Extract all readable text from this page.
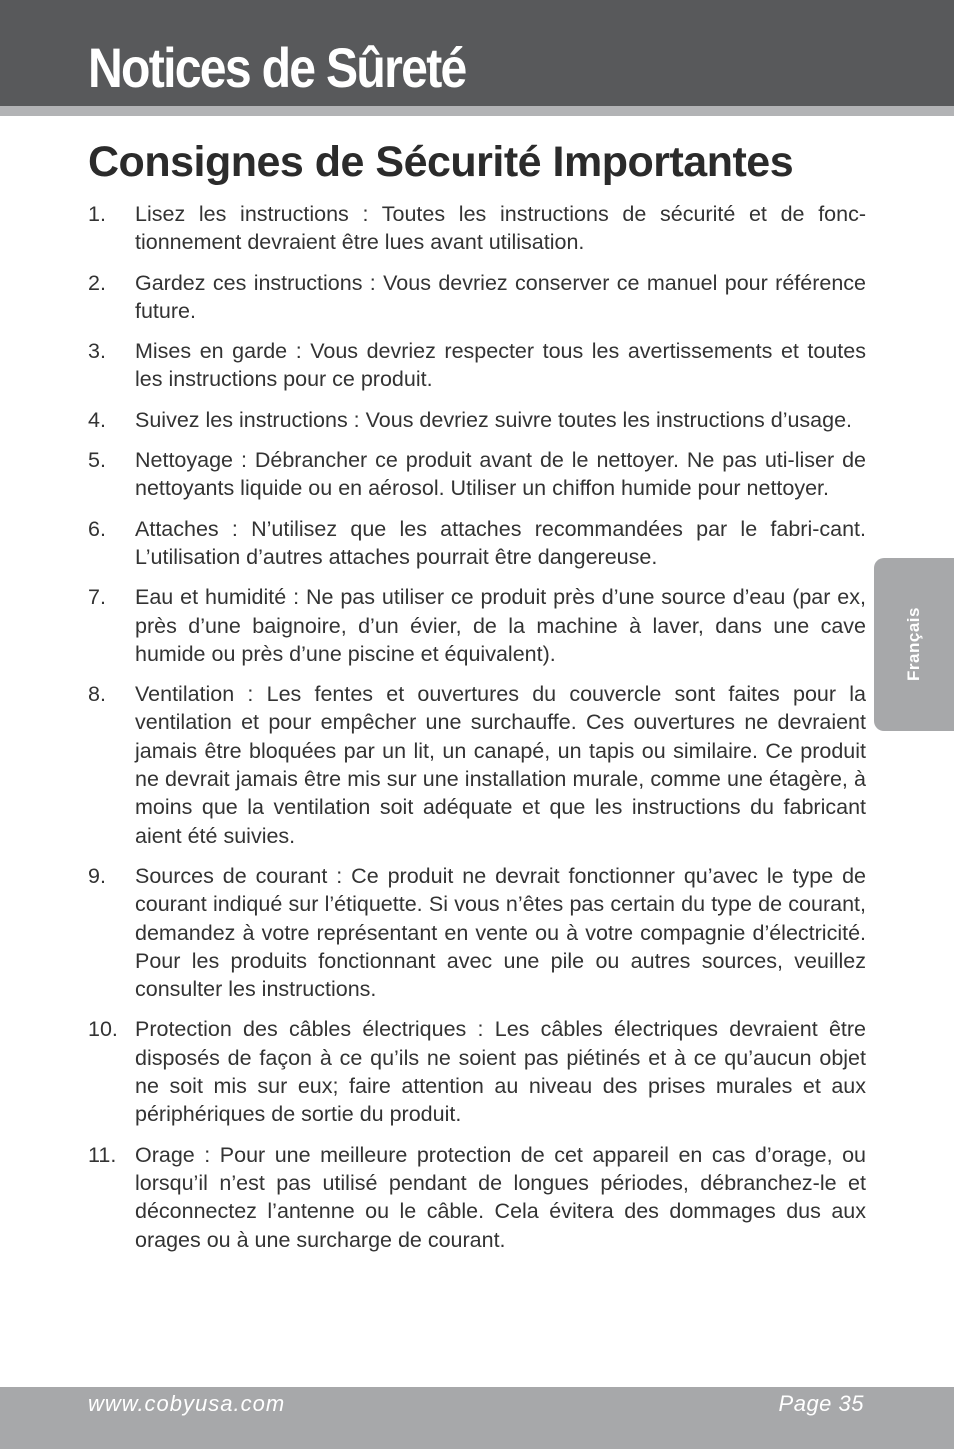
Notices de Sûreté
Consignes de Sécurité Importantes
1.	Lisez les instructions : Toutes les instructions de sécurité et de fonc-tionnement devraient être lues avant utilisation.
2.	Gardez ces instructions : Vous devriez conserver ce manuel pour référence future.
3.	Mises en garde : Vous devriez respecter tous les avertissements et toutes les instructions pour ce produit.
4.	Suivez les instructions : Vous devriez suivre toutes les instructions d’usage.
5.	Nettoyage : Débrancher ce produit avant de le nettoyer. Ne pas uti-liser de nettoyants liquide ou en aérosol. Utiliser un chiffon humide pour nettoyer.
6.	Attaches : N’utilisez que les attaches recommandées par le fabri-cant. L’utilisation d’autres attaches pourrait être dangereuse.
7.	Eau et humidité : Ne pas utiliser ce produit près d’une source d’eau (par ex, près d’une baignoire, d’un évier, de la machine à laver, dans une cave humide ou près d’une piscine et équivalent).
8.	Ventilation : Les fentes et ouvertures du couvercle sont faites pour la ventilation et pour empêcher une surchauffe. Ces ouvertures ne devraient jamais être bloquées par un lit, un canapé, un tapis ou similaire. Ce produit ne devrait jamais être mis sur une installation murale, comme une étagère, à moins que la ventilation soit adéquate et que les instructions du fabricant aient été suivies.
9.	Sources de courant : Ce produit ne devrait fonctionner qu’avec le type de courant indiqué sur l’étiquette. Si vous n’êtes pas certain du type de courant, demandez à votre représentant en vente ou à votre compagnie d’électricité. Pour les produits fonctionnant avec une pile ou autres sources, veuillez consulter les instructions.
10. Protection des câbles électriques : Les câbles électriques devraient être disposés de façon à ce qu’ils ne soient pas piétinés et à ce qu’aucun objet ne soit mis sur eux; faire attention au niveau des prises murales et aux périphériques de sortie du produit.
11. Orage : Pour une meilleure protection de cet appareil en cas d’orage, ou lorsqu’il n’est pas utilisé pendant de longues périodes, débranchez-le et déconnectez l’antenne ou le câble. Cela évitera des dommages dus aux orages ou à une surcharge de courant.
Français
www.cobyusa.com	Page 35
